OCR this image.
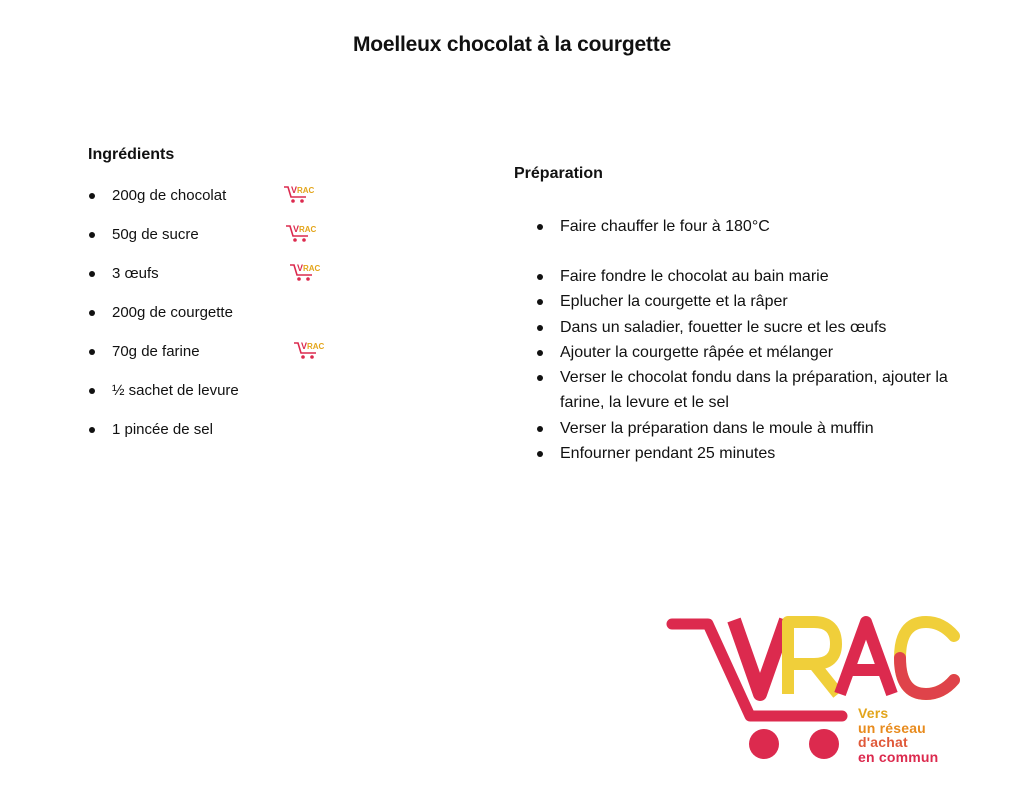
Moelleux chocolat à la courgette
Ingrédients
200g de chocolat	V RAC
50g de sucre	V RAC
3 œufs	V RAC
200g de courgette
70g de farine	V RAC
½ sachet de levure
1 pincée de sel
Préparation
Faire chauffer le four à 180°C
Faire fondre le chocolat au bain marie
Eplucher la courgette et la râper
Dans un saladier, fouetter le sucre et les œufs
Ajouter la courgette râpée et mélanger
Verser le chocolat fondu dans la préparation, ajouter la farine, la levure et le sel
Verser la préparation dans le moule à muffin
Enfourner pendant 25 minutes
Vers
un réseau
d'achat
en commun
